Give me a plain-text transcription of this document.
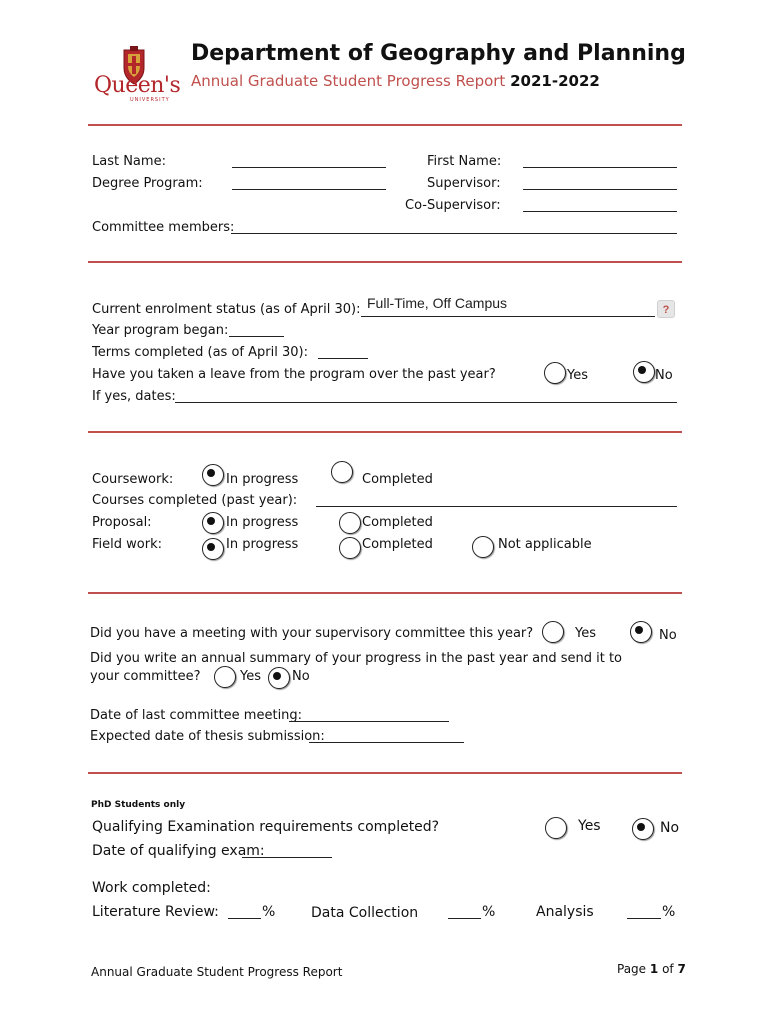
Queen's
UNIVERSITY
Department of Geography and Planning
Annual Graduate Student Progress Report 2021-2022
Last Name:	First Name:
Degree Program:	Supervisor:
Co-Supervisor:
Committee members:
Current enrolment status (as of April 30): Full-Time, Off Campus	?
Year program began:
Terms completed (as of April 30):
Have you taken a leave from the program over the past year?	Yes	No
If yes, dates:
Coursework:	In progress	Completed
Courses completed (past year):
Proposal:	In progress	Completed
Field work:	In progress	Completed	Not applicable
Did you have a meeting with your supervisory committee this year?	Yes	No
Did you write an annual summary of your progress in the past year and send it to
your committee?	Yes No
Date of last committee meeting:
Expected date of thesis submission:
PhD Students only
Qualifying Examination requirements completed?	Yes	No
Date of qualifying exam:
Work completed:
Literature Review:	%	Data Collection	%	Analysis	%
Annual Graduate Student Progress Report	Page 1 of 7
